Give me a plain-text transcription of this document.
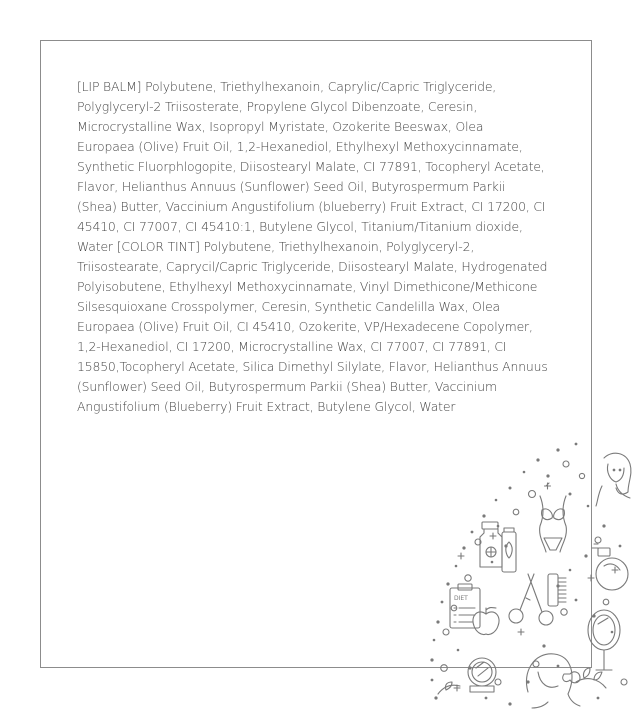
[LIP BALM] Polybutene, Triethylhexanoin, Caprylic/Capric Triglyceride,
Polyglyceryl-2 Triisosterate, Propylene Glycol Dibenzoate, Ceresin,
Microcrystalline Wax, Isopropyl Myristate, Ozokerite Beeswax, Olea
Europaea (Olive) Fruit Oil, 1,2-Hexanediol, Ethylhexyl Methoxycinnamate,
Synthetic Fluorphlogopite, Diisostearyl Malate, CI 77891, Tocopheryl Acetate,
Flavor, Helianthus Annuus (Sunflower) Seed Oil, Butyrospermum Parkii
(Shea) Butter, Vaccinium Angustifolium (blueberry) Fruit Extract, CI 17200, CI
45410, CI 77007, CI 45410:1, Butylene Glycol, Titanium/Titanium dioxide,
Water [COLOR TINT] Polybutene, Triethylhexanoin, Polyglyceryl-2,
Triisostearate, Caprycil/Capric Triglyceride, Diisostearyl Malate, Hydrogenated
Polyisobutene, Ethylhexyl Methoxycinnamate, Vinyl Dimethicone/Methicone
Silsesquioxane Crosspolymer, Ceresin, Synthetic Candelilla Wax, Olea
Europaea (Olive) Fruit Oil, CI 45410, Ozokerite, VP/Hexadecene Copolymer,
1,2-Hexanediol, CI 17200, Microcrystalline Wax, CI 77007, CI 77891, CI
15850,Tocopheryl Acetate, Silica Dimethyl Silylate, Flavor, Helianthus Annuus
(Sunflower) Seed Oil, Butyrospermum Parkii (Shea) Butter, Vaccinium
Angustifolium (Blueberry) Fruit Extract, Butylene Glycol, Water

DIET
